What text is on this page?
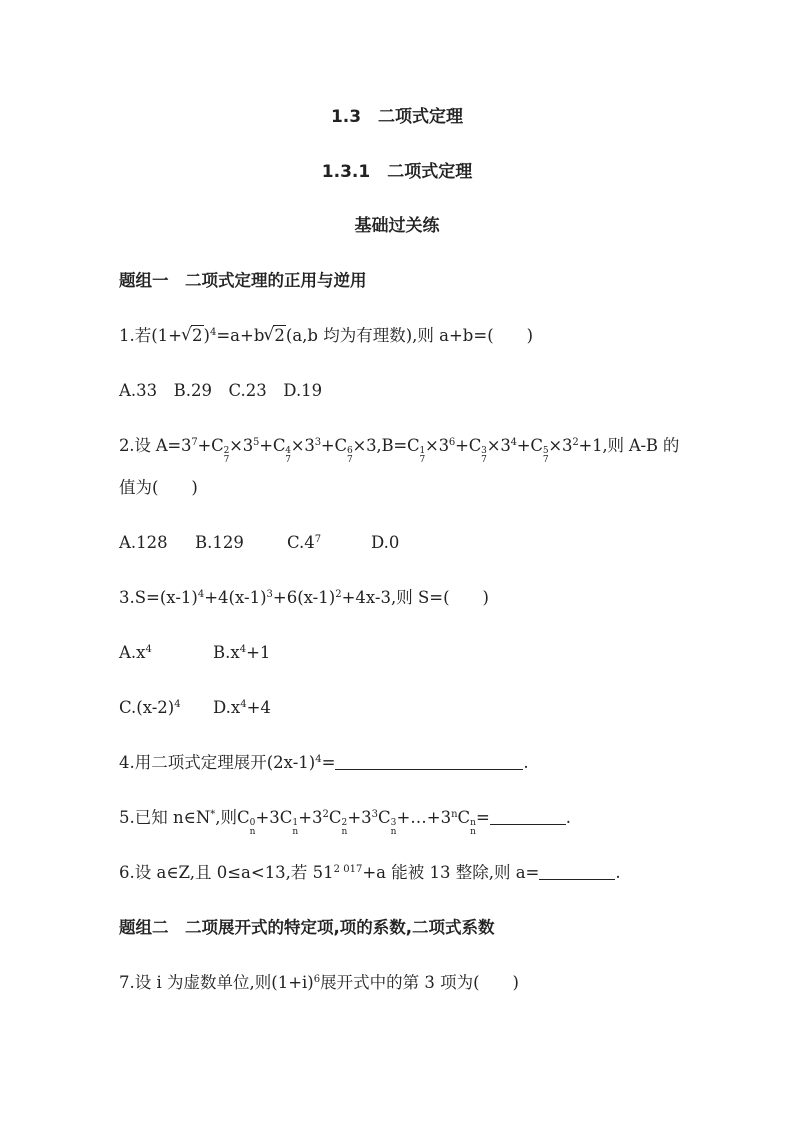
1.3　二项式定理
1.3.1　二项式定理
基础过关练
题组一　二项式定理的正用与逆用
1.若(1+ √ 2)$^4$=a+b √ 2(a,b 均为有理数),则 a+b=(　　)
A.33　B.29　C.23　D.19
2.设 $A=3^7+C$ 2
7
$\times 3^5+C$ 4
7
$\times 3^3+C$ 6
7
×3,B=C 1
7
$\times 3^6+C$ 3
7
$\times 3^4+C$ 5
7
$\times 3^2+1$,则 A-B 的
值为(　　)
A.128 B.129	$C.4^7$	D.0
$3.S=(x-1)^4+4(x-1)^3+6(x-1)^2+4x-3$,则 S=(　　)
$A.x^4$	$B.x^4+1$
$C.(x-2)^4$ $D.x^4+4$
4.用二项式定理展开$(2x-1)^4=$	.
5.已知 n∈N*,则C 0
n
+3C 1
n
$+3^2C$ 2
n
$+3^3C$ 3
n
$+\dots+3^nC$ n
n
=	.
6.设 a∈Z,且 0≤a<13,若 $51^{2 017}+a$ 能被 13 整除,则 a=	.
题组二　二项展开式的特定项,项的系数,二项式系数
7.设 i 为虚数单位,则$(1+i)^6$展开式中的第 3 项为(　　)
